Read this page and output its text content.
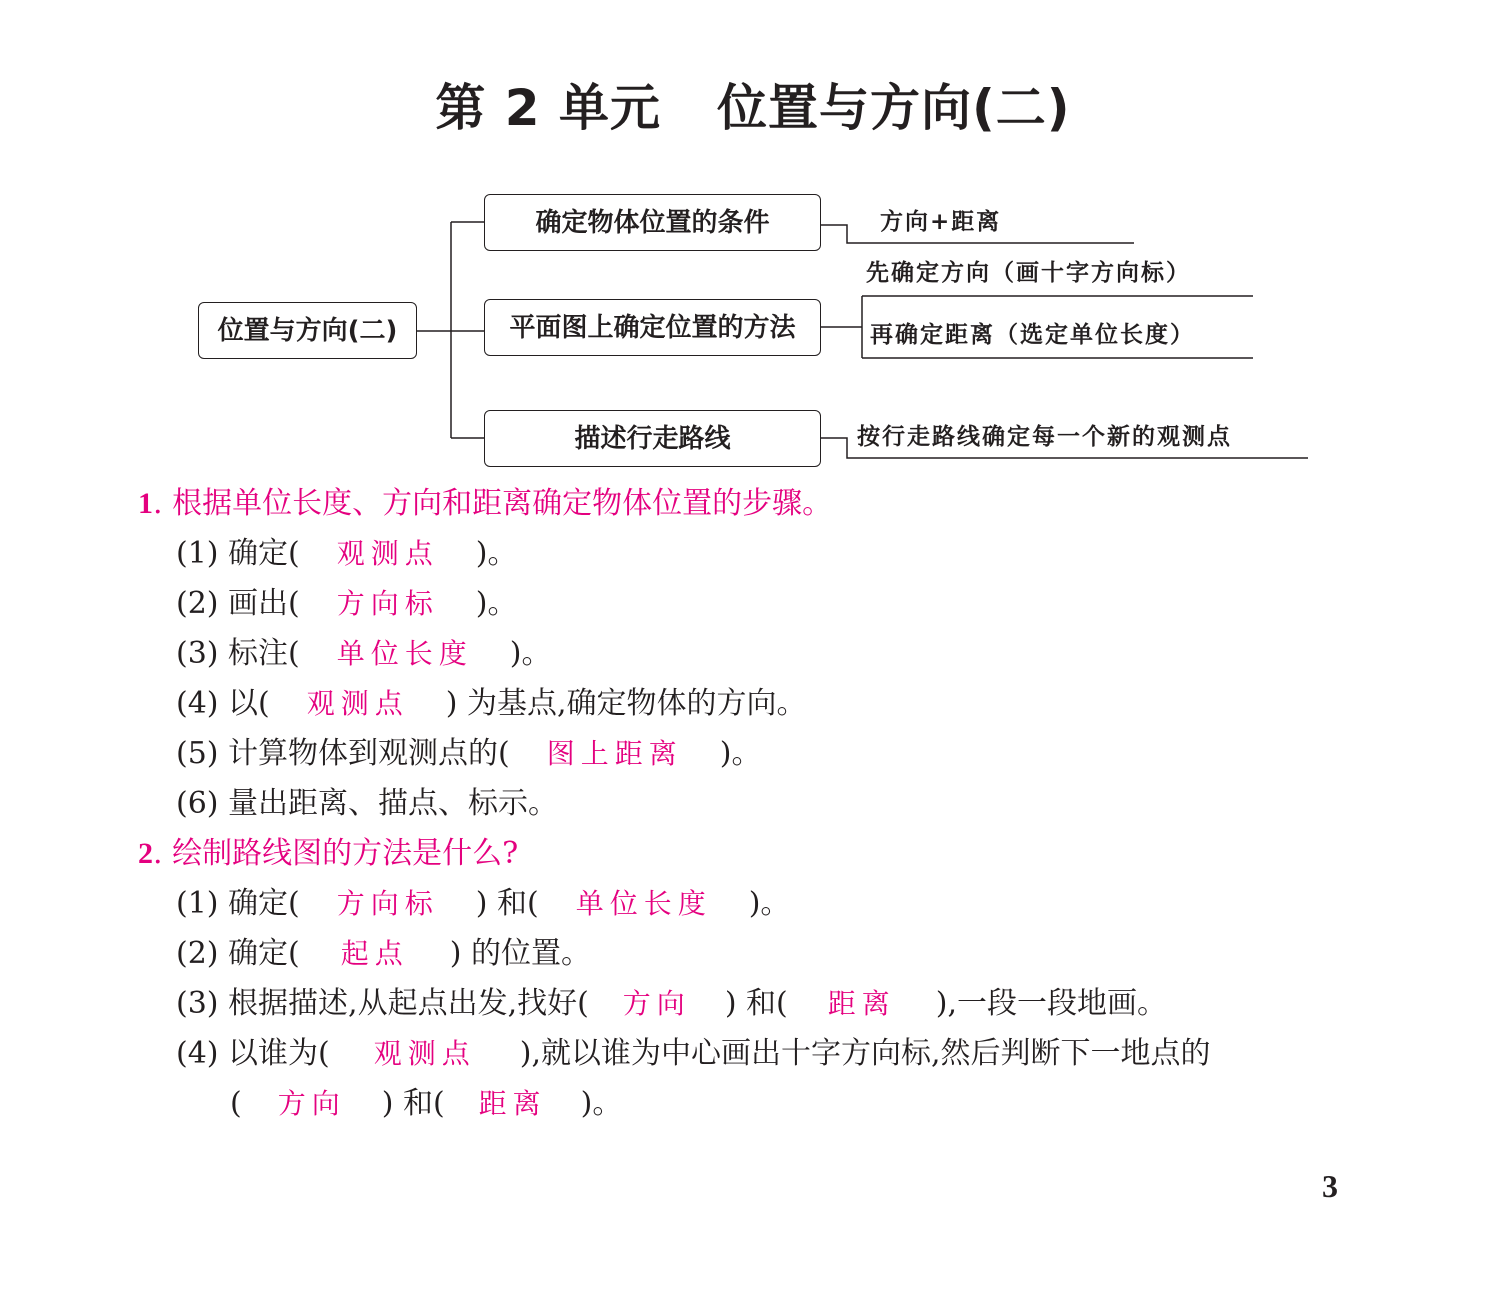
第 2 单元 位置与方向(二)
位置与方向(二)
确定物体位置的条件
平面图上确定位置的方法
描述行走路线
方向+距离
先确定方向（画十字方向标）
再确定距离（选定单位长度）
按行走路线确定每一个新的观测点
1. 根据单位长度、方向和距离确定物体位置的步骤。
(1) 确定( 观测点 )。
(2) 画出( 方向标 )。
(3) 标注( 单位长度 )。
(4) 以( 观测点 ) 为基点,确定物体的方向。
(5) 计算物体到观测点的( 图上距离 )。
(6) 量出距离、描点、标示。
2. 绘制路线图的方法是什么?
(1) 确定( 方向标 ) 和( 单位长度 )。
(2) 确定( 起点 ) 的位置。
(3) 根据描述,从起点出发,找好( 方向 ) 和( 距离 ),一段一段地画。
(4) 以谁为( 观测点 ),就以谁为中心画出十字方向标,然后判断下一地点的
( 方向 ) 和( 距离 )。
3
